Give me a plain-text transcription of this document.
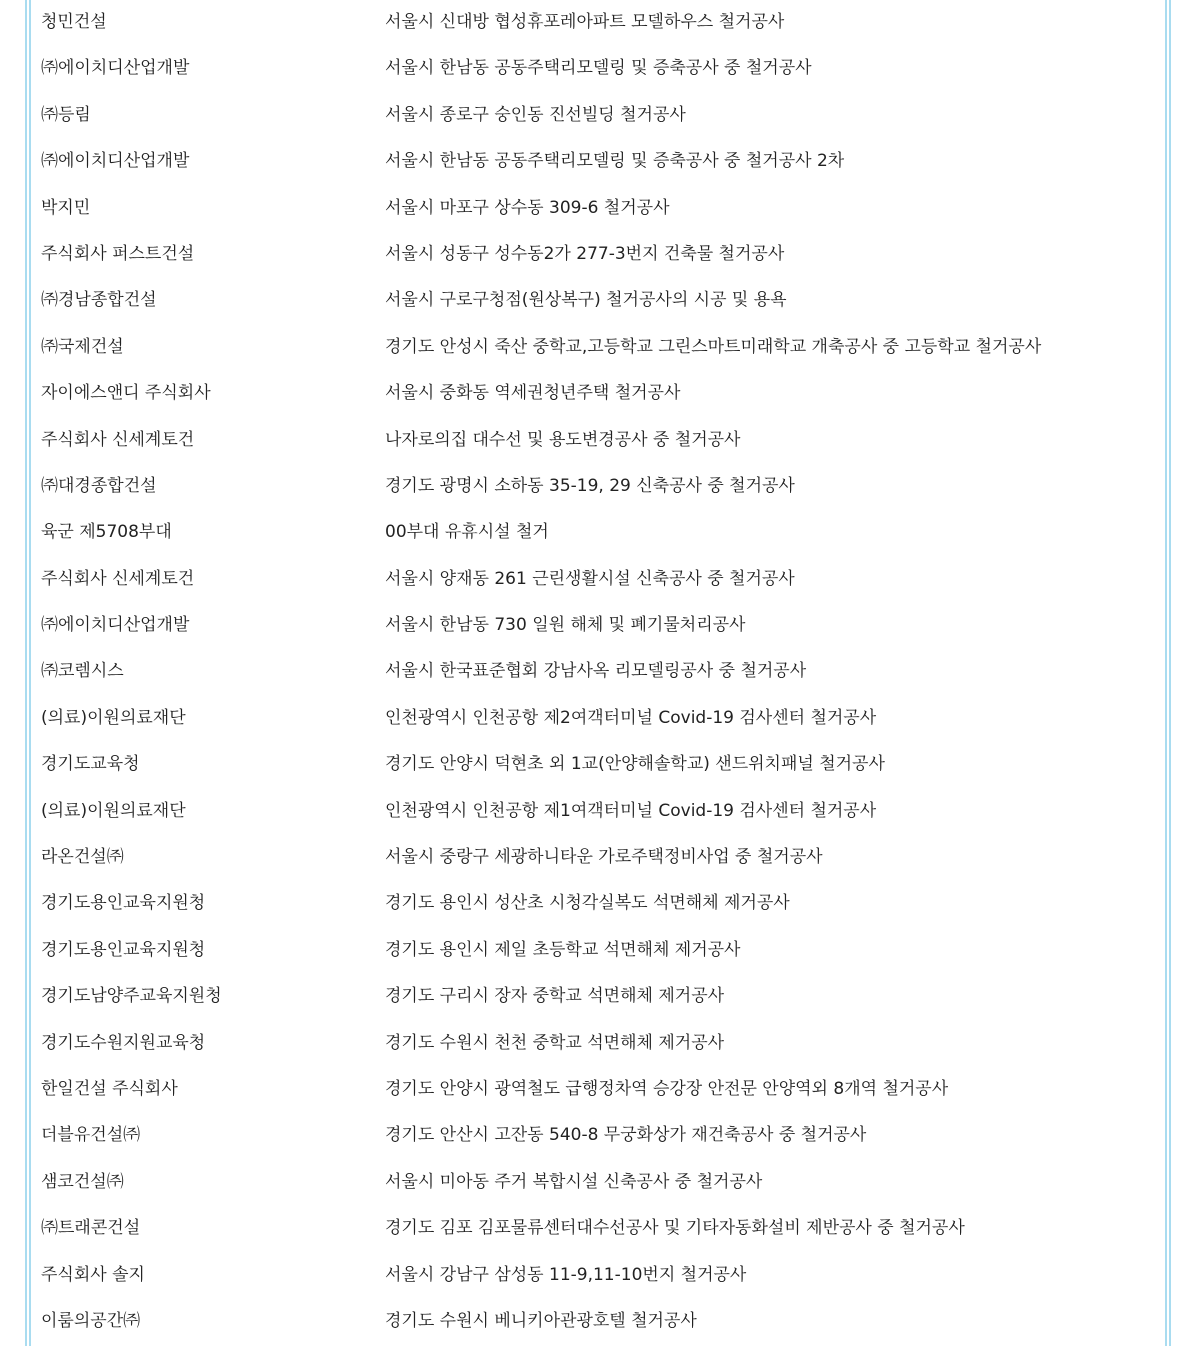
청민건설	서울시 신대방 협성휴포레아파트 모델하우스 철거공사
㈜에이치디산업개발	서울시 한남동 공동주택리모델링 및 증축공사 중 철거공사
㈜등림	서울시 종로구 숭인동 진선빌딩 철거공사
㈜에이치디산업개발	서울시 한남동 공동주택리모델링 및 증축공사 중 철거공사 2차
박지민	서울시 마포구 상수동 309-6 철거공사
주식회사 퍼스트건설	서울시 성동구 성수동2가 277-3번지 건축물 철거공사
㈜경남종합건설	서울시 구로구청점(원상복구) 철거공사의 시공 및 용욕
㈜국제건설	경기도 안성시 죽산 중학교,고등학교 그린스마트미래학교 개축공사 중 고등학교 철거공사
자이에스앤디 주식회사	서울시 중화동 역세권청년주택 철거공사
주식회사 신세계토건	나자로의집 대수선 및 용도변경공사 중 철거공사
㈜대경종합건설	경기도 광명시 소하동 35-19, 29 신축공사 중 철거공사
육군 제5708부대	00부대 유휴시설 철거
주식회사 신세계토건	서울시 양재동 261 근린생활시설 신축공사 중 철거공사
㈜에이치디산업개발	서울시 한남동 730 일원 해체 및 폐기물처리공사
㈜코렘시스	서울시 한국표준협회 강남사옥 리모델링공사 중 철거공사
(의료)이원의료재단	인천광역시 인천공항 제2여객터미널 Covid-19 검사센터 철거공사
경기도교육청	경기도 안양시 덕현초 외 1교(안양해솔학교) 샌드위치패널 철거공사
(의료)이원의료재단	인천광역시 인천공항 제1여객터미널 Covid-19 검사센터 철거공사
라온건설㈜	서울시 중랑구 세광하니타운 가로주택정비사업 중 철거공사
경기도용인교육지원청	경기도 용인시 성산초 시청각실복도 석면해체 제거공사
경기도용인교육지원청	경기도 용인시 제일 초등학교 석면해체 제거공사
경기도남양주교육지원청	경기도 구리시 장자 중학교 석면해체 제거공사
경기도수원지원교육청	경기도 수원시 천천 중학교 석면해체 제거공사
한일건설 주식회사	경기도 안양시 광역철도 급행정차역 승강장 안전문 안양역외 8개역 철거공사
더블유건설㈜	경기도 안산시 고잔동 540-8 무궁화상가 재건축공사 중 철거공사
샘코건설㈜	서울시 미아동 주거 복합시설 신축공사 중 철거공사
㈜트래콘건설	경기도 김포 김포물류센터대수선공사 및 기타자동화설비 제반공사 중 철거공사
주식회사 솔지	서울시 강남구 삼성동 11-9,11-10번지 철거공사
이룸의공간㈜	경기도 수원시 베니키아관광호텔 철거공사
